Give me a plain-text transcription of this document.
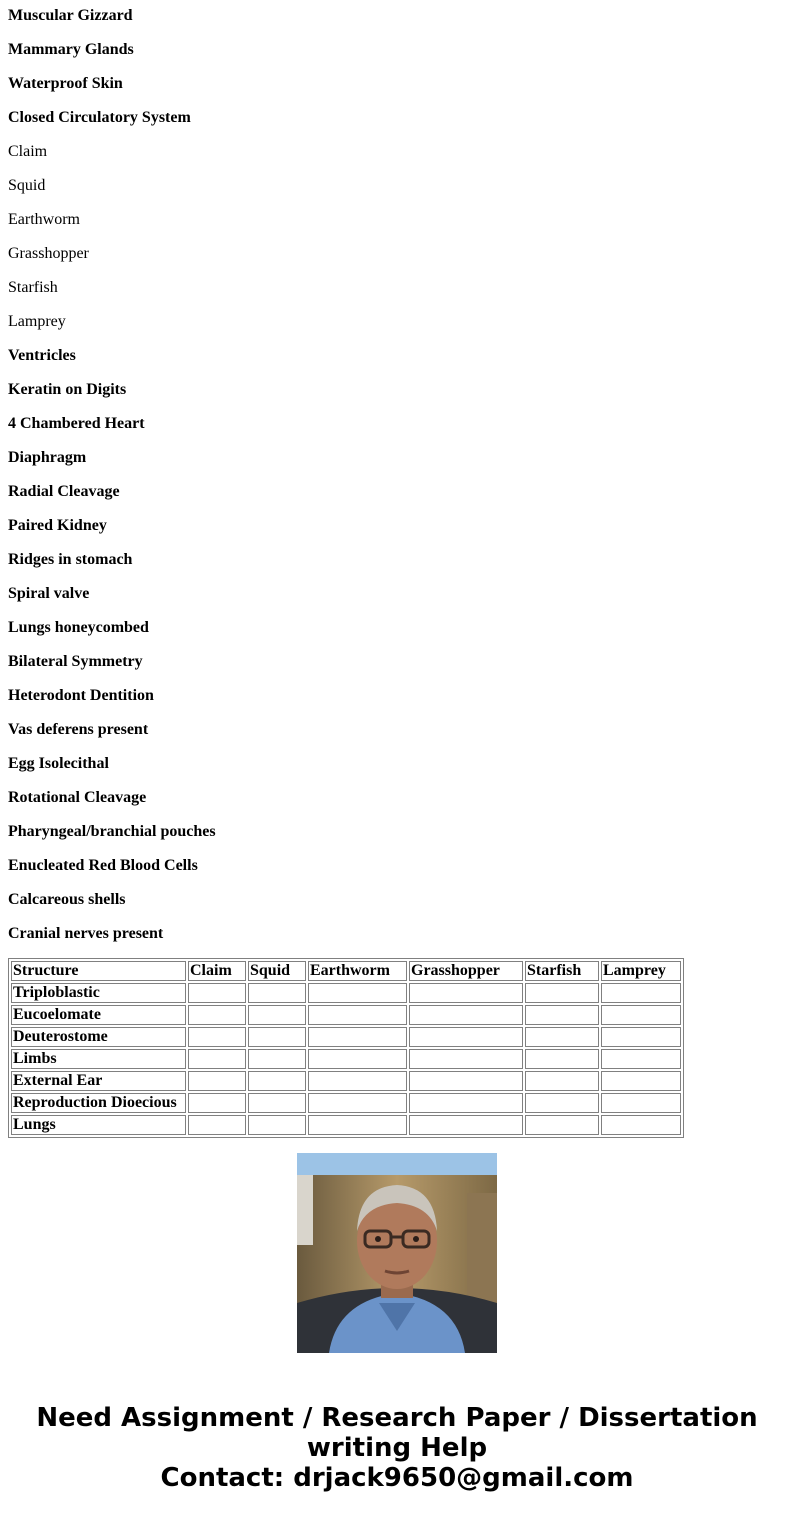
Muscular Gizzard

Mammary Glands

Waterproof Skin

Closed Circulatory System

Claim

Squid

Earthworm

Grasshopper

Starfish

Lamprey

Ventricles

Keratin on Digits

4 Chambered Heart

Diaphragm

Radial Cleavage

Paired Kidney

Ridges in stomach

Spiral valve

Lungs honeycombed

Bilateral Symmetry

Heterodont Dentition

Vas deferens present

Egg Isolecithal

Rotational Cleavage

Pharyngeal/branchial pouches

Enucleated Red Blood Cells

Calcareous shells

Cranial nerves present

Structure	Claim	Squid	Earthworm	Grasshopper	Starfish	Lamprey
Triploblastic						
Eucoelomate						
Deuterostome						
Limbs						
External Ear						
Reproduction Dioecious						
Lungs						
Need Assignment / Research Paper / Dissertation
writing Help
Contact: drjack9650@gmail.com
